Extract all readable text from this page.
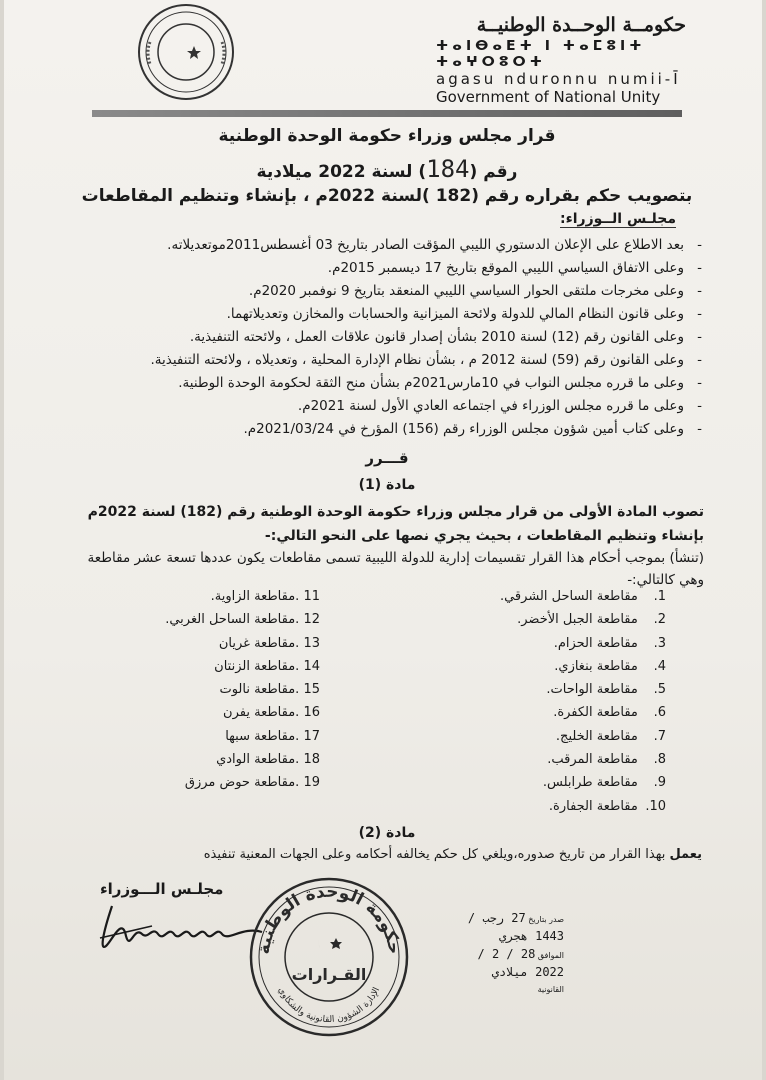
حكومــة الوحــدة الوطنيــة
ⵜⴰⵏⴱⴰⴹⵜ ⵏ ⵜⴰⵎⵓⵏⵜ ⵜⴰⵖⵔⵓⵔⵜ
agasu nduronnu numii-Ī
Government of National Unity
قرار مجلس وزراء حكومة الوحدة الوطنية
رقم (184) لسنة 2022 ميلادية
بتصويب حكم بقراره رقم (182 )لسنة 2022م ، بإنشاء وتنظيم المقاطعات
مجلـس الــوزراء:
- بعد الاطلاع على الإعلان الدستوري الليبي المؤقت الصادر بتاريخ 03 أغسطس2011موتعديلاته.
- وعلى الاتفاق السياسي الليبي الموقع بتاريخ 17 ديسمبر 2015م.
- وعلى مخرجات ملتقى الحوار السياسي الليبي المنعقد بتاريخ 9 نوفمبر 2020م.
- وعلى قانون النظام المالي للدولة ولائحة الميزانية والحسابات والمخازن وتعديلاتهما.
- وعلى القانون رقم (12) لسنة 2010 بشأن إصدار قانون علاقات العمل ، ولائحته التنفيذية.
- وعلى القانون رقم (59) لسنة 2012 م ، بشأن نظام الإدارة المحلية ، وتعديلاه ، ولائحته التنفيذية.
- وعلى ما قرره مجلس النواب في 10مارس2021م بشأن منح الثقة لحكومة الوحدة الوطنية.
- وعلى ما قرره مجلس الوزراء في اجتماعه العادي الأول لسنة 2021م.
- وعلى كتاب أمين شؤون مجلس الوزراء رقم (156) المؤرخ في 2021/03/24م.
قـــرر
مادة (1)
تصوب المادة الأولى من قرار مجلس وزراء حكومة الوحدة الوطنية رقم (182) لسنة 2022م بإنشاء وتنظيم المقاطعات ، بحيث يجري نصها على النحو التالي:-
(تنشأ) بموجب أحكام هذا القرار تقسيمات إدارية للدولة الليبية تسمى مقاطعات يكون عددها تسعة عشر مقاطعة وهي كالتالي:-
1. مقاطعة الساحل الشرقي.
2. مقاطعة الجبل الأخضر.
3. مقاطعة الحزام.
4. مقاطعة بنغازي.
5. مقاطعة الواحات.
6. مقاطعة الكفرة.
7. مقاطعة الخليج.
8. مقاطعة المرقب.
9. مقاطعة طرابلس.
10. مقاطعة الجفارة.
11 .مقاطعة الزاوية.
12 .مقاطعة الساحل الغربي.
13 .مقاطعة غريان
14 .مقاطعة الزنتان
15 .مقاطعة نالوت
16 .مقاطعة يفرن
17 .مقاطعة سبها
18 .مقاطعة الوادي
19 .مقاطعة حوض مرزق
مادة (2)
يعمل بهذا القرار من تاريخ صدوره،ويلغي كل حكم يخالفه أحكامه وعلى الجهات المعنية تنفيذه
مجلـس الـــوزراء
حكومة الوحدة الوطنية
الإدارة الشؤون القانونية والشكاوي
القـرارات
صدر بتاريخ 27 رجب / 1443 هجري
الموافق 28 / 2 / 2022 ميلادي
القانونية
